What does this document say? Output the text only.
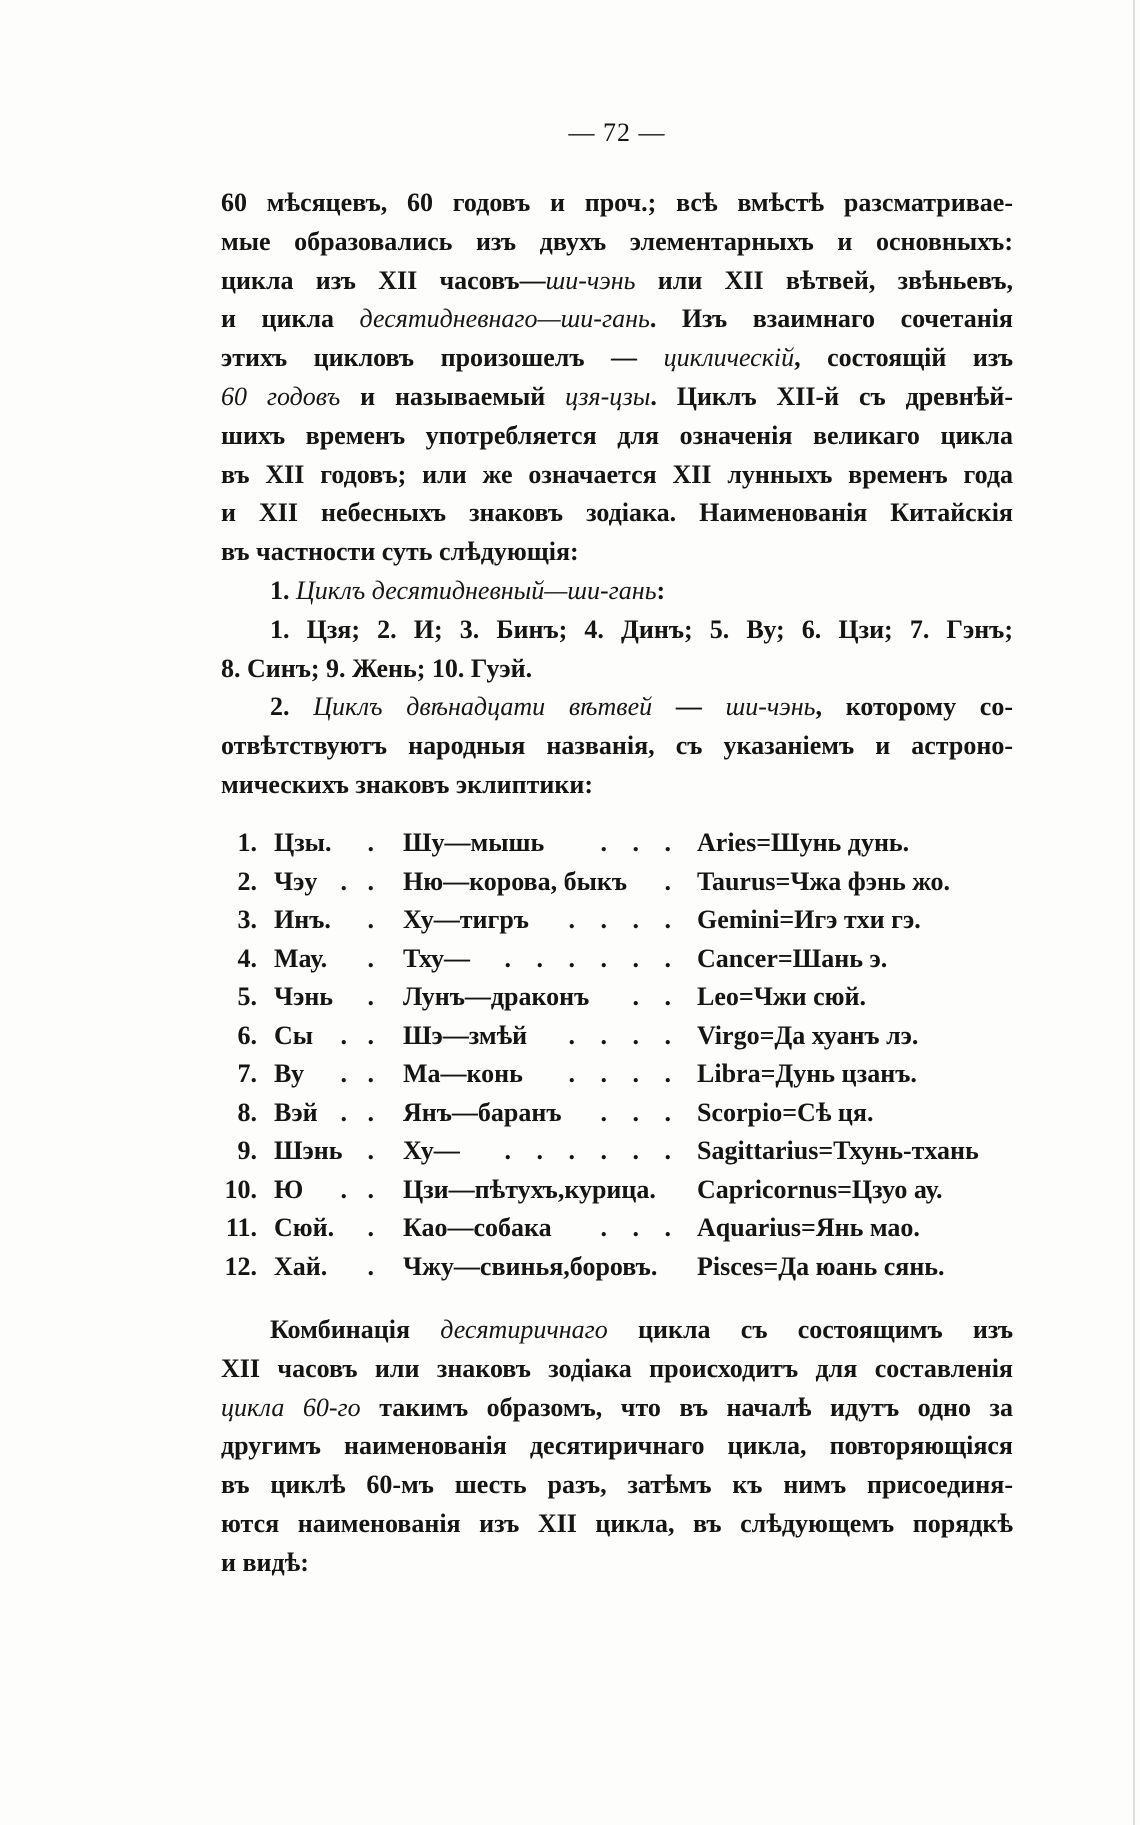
— 72 —
60 мѣсяцевъ, 60 годовъ и проч.; всѣ вмѣстѣ разсматривае-
мые образовались изъ двухъ элементарныхъ и основныхъ:
цикла изъ XII часовъ—ши-чэнь или XII вѣтвей, звѣньевъ,
и цикла десятидневнаго—ши-гань. Изъ взаимнаго сочетанія
этихъ цикловъ произошелъ — циклическій, состоящій изъ
60 годовъ и называемый цзя-цзы. Циклъ XII-й съ древнѣй-
шихъ временъ употребляется для означенія великаго цикла
въ XII годовъ; или же означается XII лунныхъ временъ года
и XII небесныхъ знаковъ зодіака. Наименованія Китайскія
въ частности суть слѣдующія:
1. Циклъ десятидневный—ши-гань:
1. Цзя; 2. И; 3. Бинъ; 4. Динъ; 5. Ву; 6. Цзи; 7. Гэнъ;
8. Синъ; 9. Жень; 10. Гуэй.
2. Циклъ двѣнадцати вѣтвей — ши-чэнь, которому со-
отвѣтствуютъ народныя названія, съ указаніемъ и астроно-
мическихъ знаковъ эклиптики:
1. Цзы. . Шу—мышь . . . Aries=Шунь дунь.
2. Чэу . . Ню—корова, быкъ . Taurus=Чжа фэнь жо.
3. Инъ. . Ху—тигръ . . . . Gemini=Игэ тхи гэ.
4. Мау. . Тху— . . . . . . Cancer=Шань э.
5. Чэнь . Лунъ—драконъ . . Leo=Чжи сюй.
6. Сы . . Шэ—змѣй . . . . Virgo=Да хуанъ лэ.
7. Ву . . Ма—конь . . . . Libra=Дунь цзанъ.
8. Вэй . . Янъ—баранъ . . . Scorpio=Сѣ ця.
9. Шэнь . Ху— . . . . . . Sagittarius=Тхунь-тхань
10. Ю . . Цзи—пѣтухъ,курица. Capricornus=Цзуо ау.
11. Сюй. . Као—собака . . . Aquarius=Янь мао.
12. Хай. . Чжу—свинья,боровъ. Pisces=Да юань сянь.
Комбинація десятиричнаго цикла съ состоящимъ изъ
XII часовъ или знаковъ зодіака происходитъ для составленія
цикла 60-го такимъ образомъ, что въ началѣ идутъ одно за
другимъ наименованія десятиричнаго цикла, повторяющіяся
въ циклѣ 60-мъ шесть разъ, затѣмъ къ нимъ присоединя-
ются наименованія изъ XII цикла, въ слѣдующемъ порядкѣ
и видѣ:
